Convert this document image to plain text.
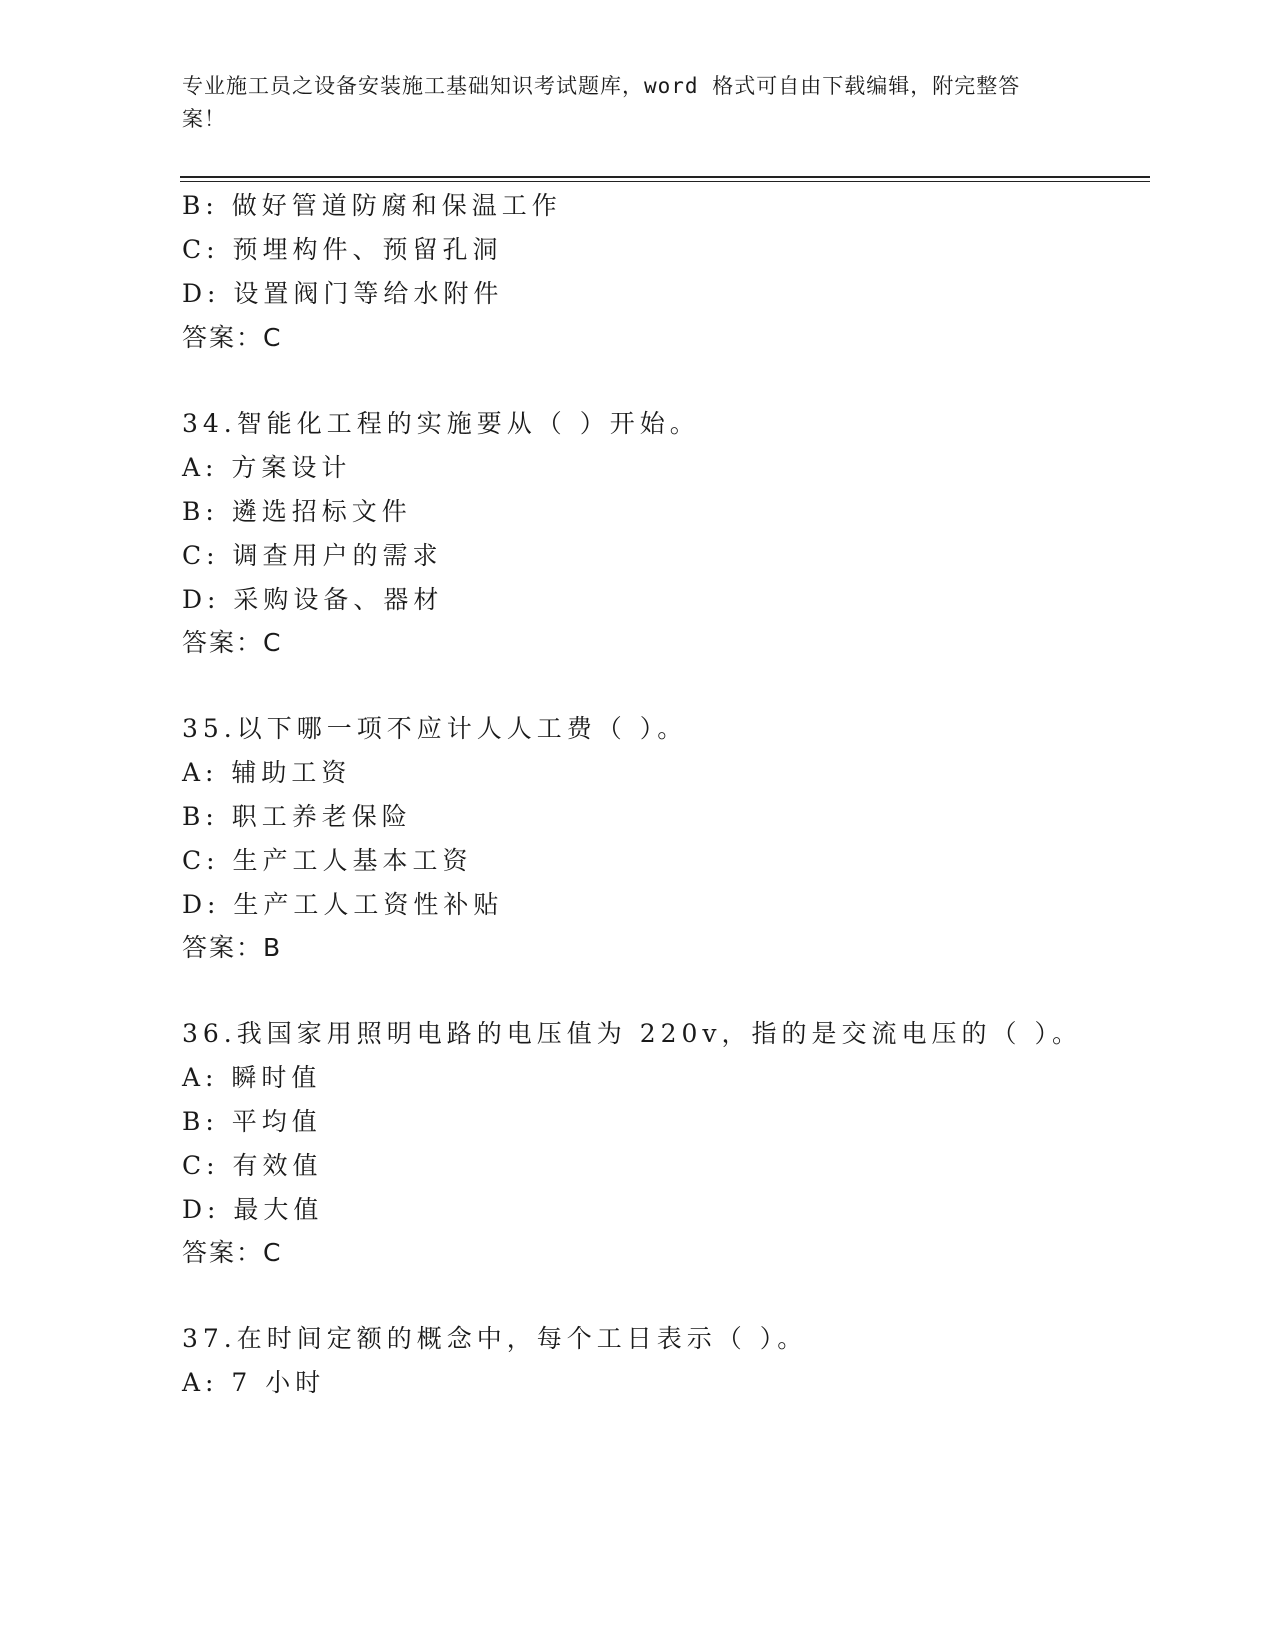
专业施工员之设备安装施工基础知识考试题库，word 格式可自由下载编辑，附完整答案！
B: 做好管道防腐和保温工作
C: 预埋构件、预留孔洞
D: 设置阀门等给水附件
答案：C
34.智能化工程的实施要从（ ）开始。
A: 方案设计
B: 遴选招标文件
C: 调查用户的需求
D: 采购设备、器材
答案：C
35.以下哪一项不应计人人工费（ ）。
A: 辅助工资
B: 职工养老保险
C: 生产工人基本工资
D: 生产工人工资性补贴
答案：B
36.我国家用照明电路的电压值为 220v，指的是交流电压的（ ）。
A: 瞬时值
B: 平均值
C: 有效值
D: 最大值
答案：C
37.在时间定额的概念中，每个工日表示（ ）。
A: 7 小时
